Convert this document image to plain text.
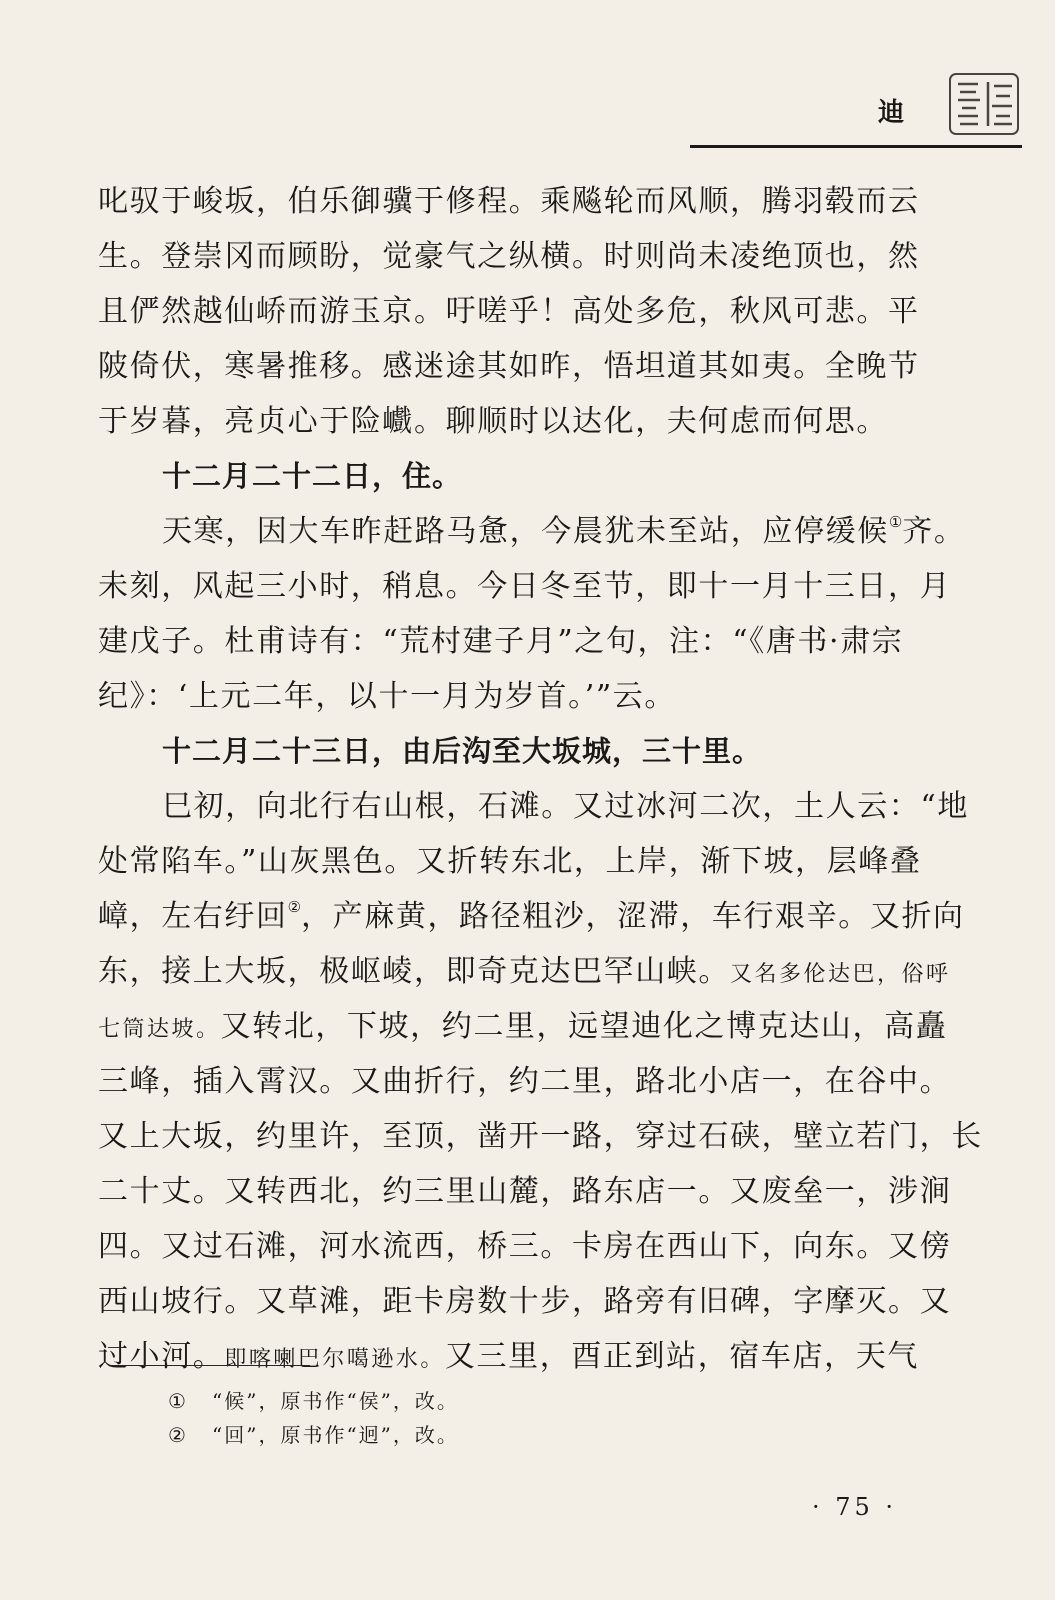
迪
叱驭于峻坂，伯乐御骥于修程。乘飚轮而风顺，腾羽毂而云
生。登崇冈而顾盼，觉豪气之纵横。时则尚未凌绝顶也，然
且俨然越仙峤而游玉京。吁嗟乎！高处多危，秋风可悲。平
陂倚伏，寒暑推移。感迷途其如昨，悟坦道其如夷。全晚节
于岁暮，亮贞心于险巇。聊顺时以达化，夫何虑而何思。
十二月二十二日，住。
天寒，因大车昨赶路马惫，今晨犹未至站，应停缓候①齐。
未刻，风起三小时，稍息。今日冬至节，即十一月十三日，月
建戊子。杜甫诗有：“荒村建子月”之句，注：“《唐书·肃宗
纪》：‘上元二年，以十一月为岁首。’”云。
十二月二十三日，由后沟至大坂城，三十里。
巳初，向北行右山根，石滩。又过冰河二次，土人云：“地
处常陷车。”山灰黑色。又折转东北，上岸，渐下坡，层峰叠
嶂，左右纡回②，产麻黄，路径粗沙，涩滞，车行艰辛。又折向
东，接上大坂，极岖崚，即奇克达巴罕山峡。又名多伦达巴，俗呼
七筒达坡。又转北，下坡，约二里，远望迪化之博克达山，高矗
三峰，插入霄汉。又曲折行，约二里，路北小店一，在谷中。
又上大坂，约里许，至顶，凿开一路，穿过石硖，壁立若门，长
二十丈。又转西北，约三里山麓，路东店一。又废垒一，涉涧
四。又过石滩，河水流西，桥三。卡房在西山下，向东。又傍
西山坡行。又草滩，距卡房数十步，路旁有旧碑，字摩灭。又
过小河。即喀喇巴尔噶逊水。又三里，酉正到站，宿车店，天气
① “候”，原书作“侯”，改。
② “回”，原书作“迥”，改。
· 75 ·
